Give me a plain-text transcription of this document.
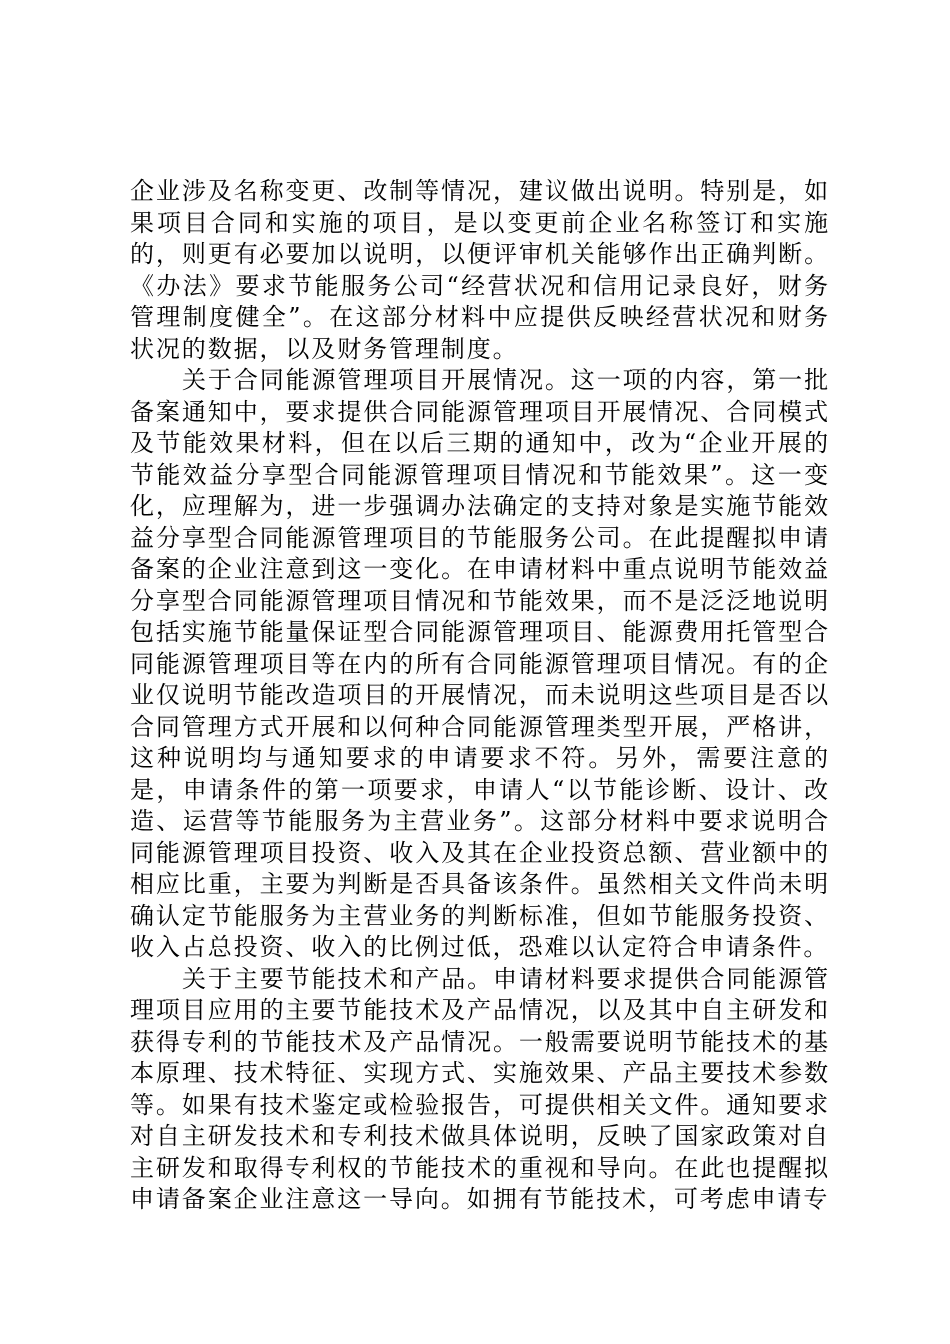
企业涉及名称变更、改制等情况，建议做出说明。特别是，如果项目合同和实施的项目，是以变更前企业名称签订和实施的，则更有必要加以说明，以便评审机关能够作出正确判断。《办法》要求节能服务公司“经营状况和信用记录良好，财务管理制度健全”。在这部分材料中应提供反映经营状况和财务状况的数据，以及财务管理制度。

关于合同能源管理项目开展情况。这一项的内容，第一批备案通知中，要求提供合同能源管理项目开展情况、合同模式及节能效果材料，但在以后三期的通知中，改为“企业开展的节能效益分享型合同能源管理项目情况和节能效果”。这一变化，应理解为，进一步强调办法确定的支持对象是实施节能效益分享型合同能源管理项目的节能服务公司。在此提醒拟申请备案的企业注意到这一变化。在申请材料中重点说明节能效益分享型合同能源管理项目情况和节能效果，而不是泛泛地说明包括实施节能量保证型合同能源管理项目、能源费用托管型合同能源管理项目等在内的所有合同能源管理项目情况。有的企业仅说明节能改造项目的开展情况，而未说明这些项目是否以合同管理方式开展和以何种合同能源管理类型开展，严格讲，这种说明均与通知要求的申请要求不符。另外，需要注意的是，申请条件的第一项要求，申请人“以节能诊断、设计、改造、运营等节能服务为主营业务”。这部分材料中要求说明合同能源管理项目投资、收入及其在企业投资总额、营业额中的相应比重，主要为判断是否具备该条件。虽然相关文件尚未明确认定节能服务为主营业务的判断标准，但如节能服务投资、收入占总投资、收入的比例过低，恐难以认定符合申请条件。

关于主要节能技术和产品。申请材料要求提供合同能源管理项目应用的主要节能技术及产品情况，以及其中自主研发和获得专利的节能技术及产品情况。一般需要说明节能技术的基本原理、技术特征、实现方式、实施效果、产品主要技术参数等。如果有技术鉴定或检验报告，可提供相关文件。通知要求对自主研发技术和专利技术做具体说明，反映了国家政策对自主研发和取得专利权的节能技术的重视和导向。在此也提醒拟申请备案企业注意这一导向。如拥有节能技术，可考虑申请专
